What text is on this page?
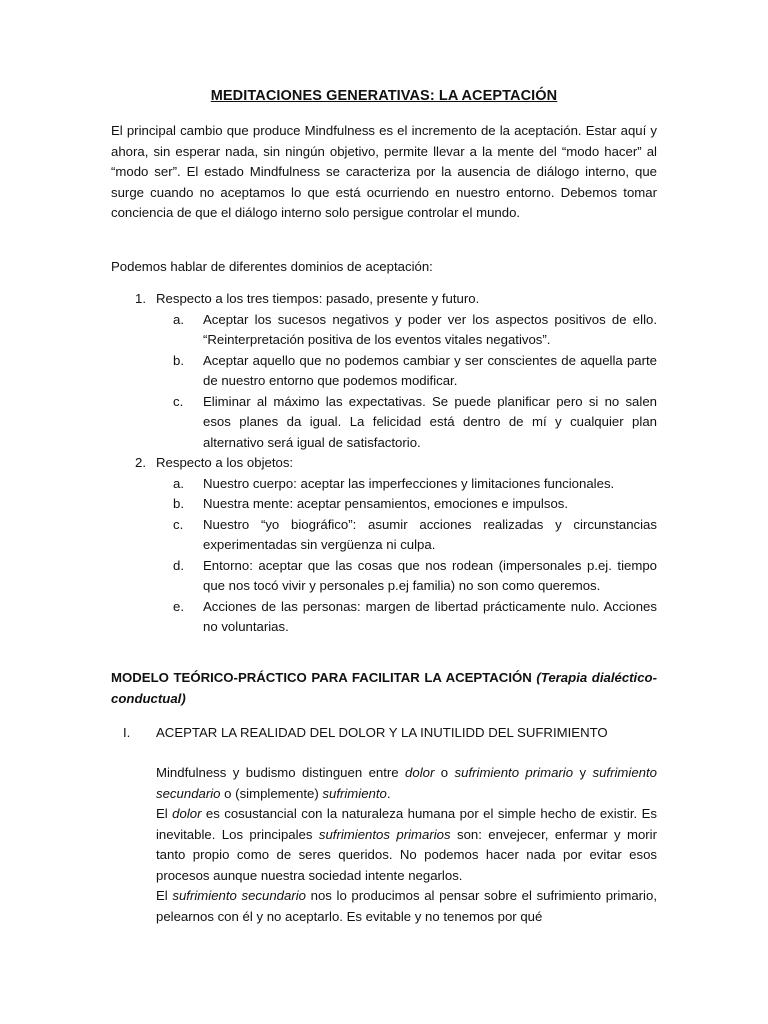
MEDITACIONES GENERATIVAS: LA ACEPTACIÓN

El principal cambio que produce Mindfulness es el incremento de la aceptación. Estar aquí y ahora, sin esperar nada, sin ningún objetivo, permite llevar a la mente del “modo hacer” al “modo ser”. El estado Mindfulness se caracteriza por la ausencia de diálogo interno, que surge cuando no aceptamos lo que está ocurriendo en nuestro entorno. Debemos tomar conciencia de que el diálogo interno solo persigue controlar el mundo.

Podemos hablar de diferentes dominios de aceptación:

1. Respecto a los tres tiempos: pasado, presente y futuro.
a.	Aceptar los sucesos negativos y poder ver los aspectos positivos de ello. “Reinterpretación positiva de los eventos vitales negativos”.
b.	Aceptar aquello que no podemos cambiar y ser conscientes de aquella parte de nuestro entorno que podemos modificar.
c.	Eliminar al máximo las expectativas. Se puede planificar pero si no salen esos planes da igual. La felicidad está dentro de mí y cualquier plan alternativo será igual de satisfactorio.
2. Respecto a los objetos:
a.	Nuestro cuerpo: aceptar las imperfecciones y limitaciones funcionales.
b.	Nuestra mente: aceptar pensamientos, emociones e impulsos.
c.	Nuestro “yo biográfico”: asumir acciones realizadas y circunstancias experimentadas sin vergüenza ni culpa.
d.	Entorno: aceptar que las cosas que nos rodean (impersonales p.ej. tiempo que nos tocó vivir y personales p.ej familia) no son como queremos.
e.	Acciones de las personas: margen de libertad prácticamente nulo. Acciones no voluntarias.
MODELO TEÓRICO-PRÁCTICO PARA FACILITAR LA ACEPTACIÓN (Terapia dialéctico-conductual)
I. ACEPTAR LA REALIDAD DEL DOLOR Y LA INUTILIDD DEL SUFRIMIENTO

Mindfulness y budismo distinguen entre dolor o sufrimiento primario y sufrimiento secundario o (simplemente) sufrimiento.

El dolor es cosustancial con la naturaleza humana por el simple hecho de existir. Es inevitable. Los principales sufrimientos primarios son: envejecer, enfermar y morir tanto propio como de seres queridos. No podemos hacer nada por evitar esos procesos aunque nuestra sociedad intente negarlos.

El sufrimiento secundario nos lo producimos al pensar sobre el sufrimiento primario, pelearnos con él y no aceptarlo. Es evitable y no tenemos por qué
